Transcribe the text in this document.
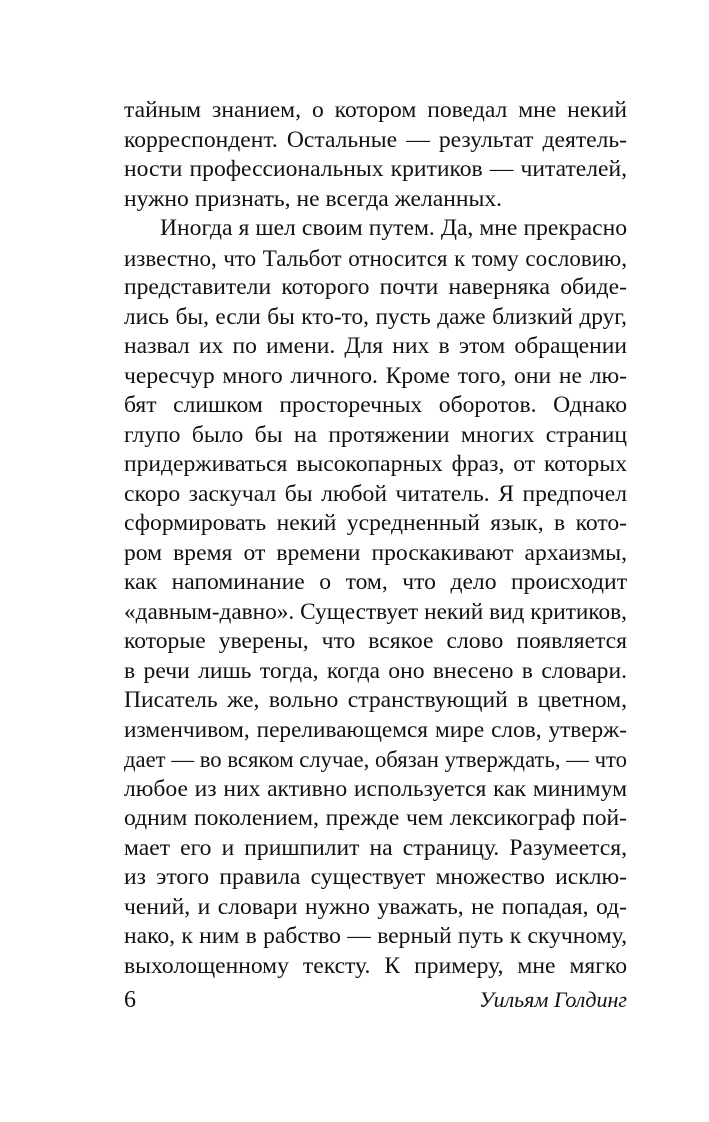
тайным знанием, о котором поведал мне некий
корреспондент. Остальные — результат деятель-
ности профессиональных критиков — читателей,
нужно признать, не всегда желанных.
Иногда я шел своим путем. Да, мне прекрасно
известно, что Тальбот относится к тому сословию,
представители которого почти наверняка обиде-
лись бы, если бы кто-то, пусть даже близкий друг,
назвал их по имени. Для них в этом обращении
чересчур много личного. Кроме того, они не лю-
бят слишком просторечных оборотов. Однако
глупо было бы на протяжении многих страниц
придерживаться высокопарных фраз, от которых
скоро заскучал бы любой читатель. Я предпочел
сформировать некий усредненный язык, в кото-
ром время от времени проскакивают архаизмы,
как напоминание о том, что дело происходит
«давным-давно». Существует некий вид критиков,
которые уверены, что всякое слово появляется
в речи лишь тогда, когда оно внесено в словари.
Писатель же, вольно странствующий в цветном,
изменчивом, переливающемся мире слов, утверж-
дает — во всяком случае, обязан утверждать, — что
любое из них активно используется как минимум
одним поколением, прежде чем лексикограф пой-
мает его и пришпилит на страницу. Разумеется,
из этого правила существует множество исклю-
чений, и словари нужно уважать, не попадая, од-
нако, к ним в рабство — верный путь к скучному,
выхолощенному тексту. К примеру, мне мягко
6	Уильям Голдинг
